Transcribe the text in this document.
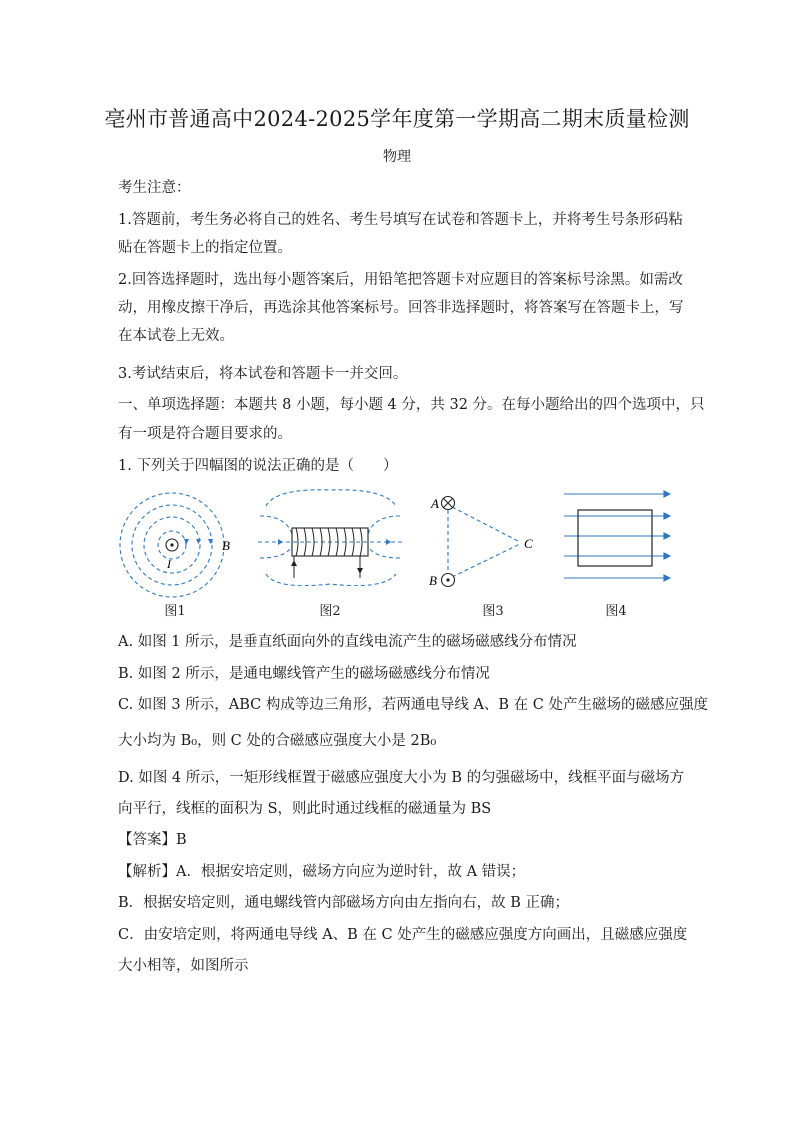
亳州市普通高中2024-2025学年度第一学期高二期末质量检测
物理
考生注意：
1.答题前，考生务必将自己的姓名、考生号填写在试卷和答题卡上，并将考生号条形码粘
贴在答题卡上的指定位置。
2.回答选择题时，选出每小题答案后，用铅笔把答题卡对应题目的答案标号涂黑。如需改
动，用橡皮擦干净后，再选涂其他答案标号。回答非选择题时，将答案写在答题卡上，写
在本试卷上无效。
3.考试结束后，将本试卷和答题卡一并交回。
一、单项选择题：本题共 8 小题，每小题 4 分，共 32 分。在每小题给出的四个选项中，只
有一项是符合题目要求的。
1. 下列关于四幅图的说法正确的是（　　）
B
I
图1	图2
A
B
C
图3	图4
A. 如图 1 所示，是垂直纸面向外的直线电流产生的磁场磁感线分布情况
B. 如图 2 所示，是通电螺线管产生的磁场磁感线分布情况
C. 如图 3 所示，ABC 构成等边三角形，若两通电导线 A、B 在 C 处产生磁场的磁感应强度
大小均为 B₀，则 C 处的合磁感应强度大小是 2B₀
D. 如图 4 所示，一矩形线框置于磁感应强度大小为 B 的匀强磁场中，线框平面与磁场方
向平行，线框的面积为 S，则此时通过线框的磁通量为 BS
【答案】B
【解析】A．根据安培定则，磁场方向应为逆时针，故 A 错误；
B．根据安培定则，通电螺线管内部磁场方向由左指向右，故 B 正确；
C．由安培定则，将两通电导线 A、B 在 C 处产生的磁感应强度方向画出，且磁感应强度
大小相等，如图所示
